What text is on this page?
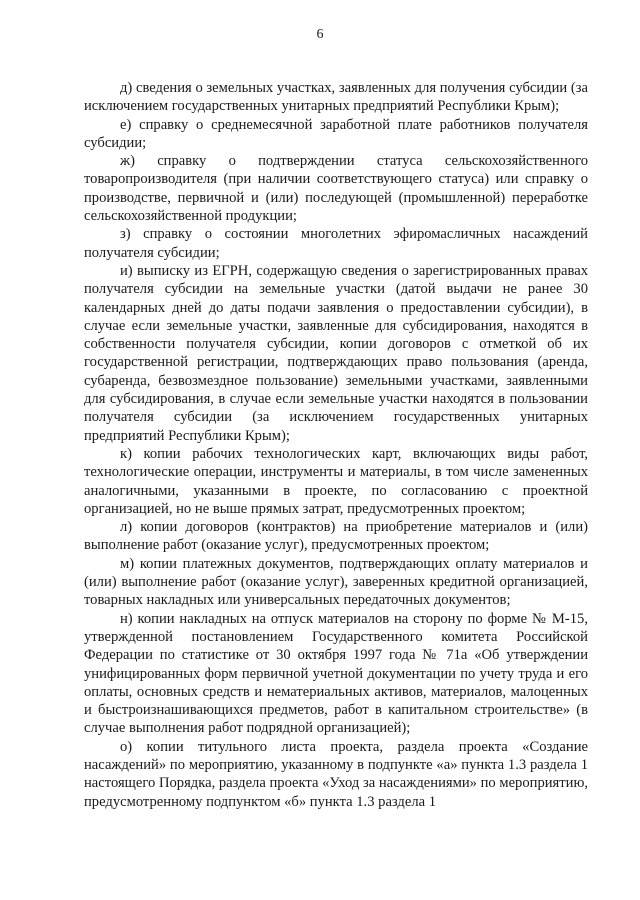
6

д) сведения о земельных участках, заявленных для получения субсидии (за исключением государственных унитарных предприятий Республики Крым);

е) справку о среднемесячной заработной плате работников получателя субсидии;

ж) справку о подтверждении статуса сельскохозяйственного товаропроизводителя (при наличии соответствующего статуса) или справку о производстве, первичной и (или) последующей (промышленной) переработке сельскохозяйственной продукции;

з) справку о состоянии многолетних эфиромасличных насаждений получателя субсидии;

и) выписку из ЕГРН, содержащую сведения о зарегистрированных правах получателя субсидии на земельные участки (датой выдачи не ранее 30 календарных дней до даты подачи заявления о предоставлении субсидии), в случае если земельные участки, заявленные для субсидирования, находятся в собственности получателя субсидии, копии договоров с отметкой об их государственной регистрации, подтверждающих право пользования (аренда, субаренда, безвозмездное пользование) земельными участками, заявленными для субсидирования, в случае если земельные участки находятся в пользовании получателя субсидии (за исключением государственных унитарных предприятий Республики Крым);

к) копии рабочих технологических карт, включающих виды работ, технологические операции, инструменты и материалы, в том числе замененных аналогичными, указанными в проекте, по согласованию с проектной организацией, но не выше прямых затрат, предусмотренных проектом;

л) копии договоров (контрактов) на приобретение материалов и (или) выполнение работ (оказание услуг), предусмотренных проектом;

м) копии платежных документов, подтверждающих оплату материалов и (или) выполнение работ (оказание услуг), заверенных кредитной организацией, товарных накладных или универсальных передаточных документов;

н) копии накладных на отпуск материалов на сторону по форме № М-15, утвержденной постановлением Государственного комитета Российской Федерации по статистике от 30 октября 1997 года № 71а «Об утверждении унифицированных форм первичной учетной документации по учету труда и его оплаты, основных средств и нематериальных активов, материалов, малоценных и быстроизнашивающихся предметов, работ в капитальном строительстве» (в случае выполнения работ подрядной организацией);

о) копии титульного листа проекта, раздела проекта «Создание насаждений» по мероприятию, указанному в подпункте «а» пункта 1.3 раздела 1 настоящего Порядка, раздела проекта «Уход за насаждениями» по мероприятию, предусмотренному подпунктом «б» пункта 1.3 раздела 1
